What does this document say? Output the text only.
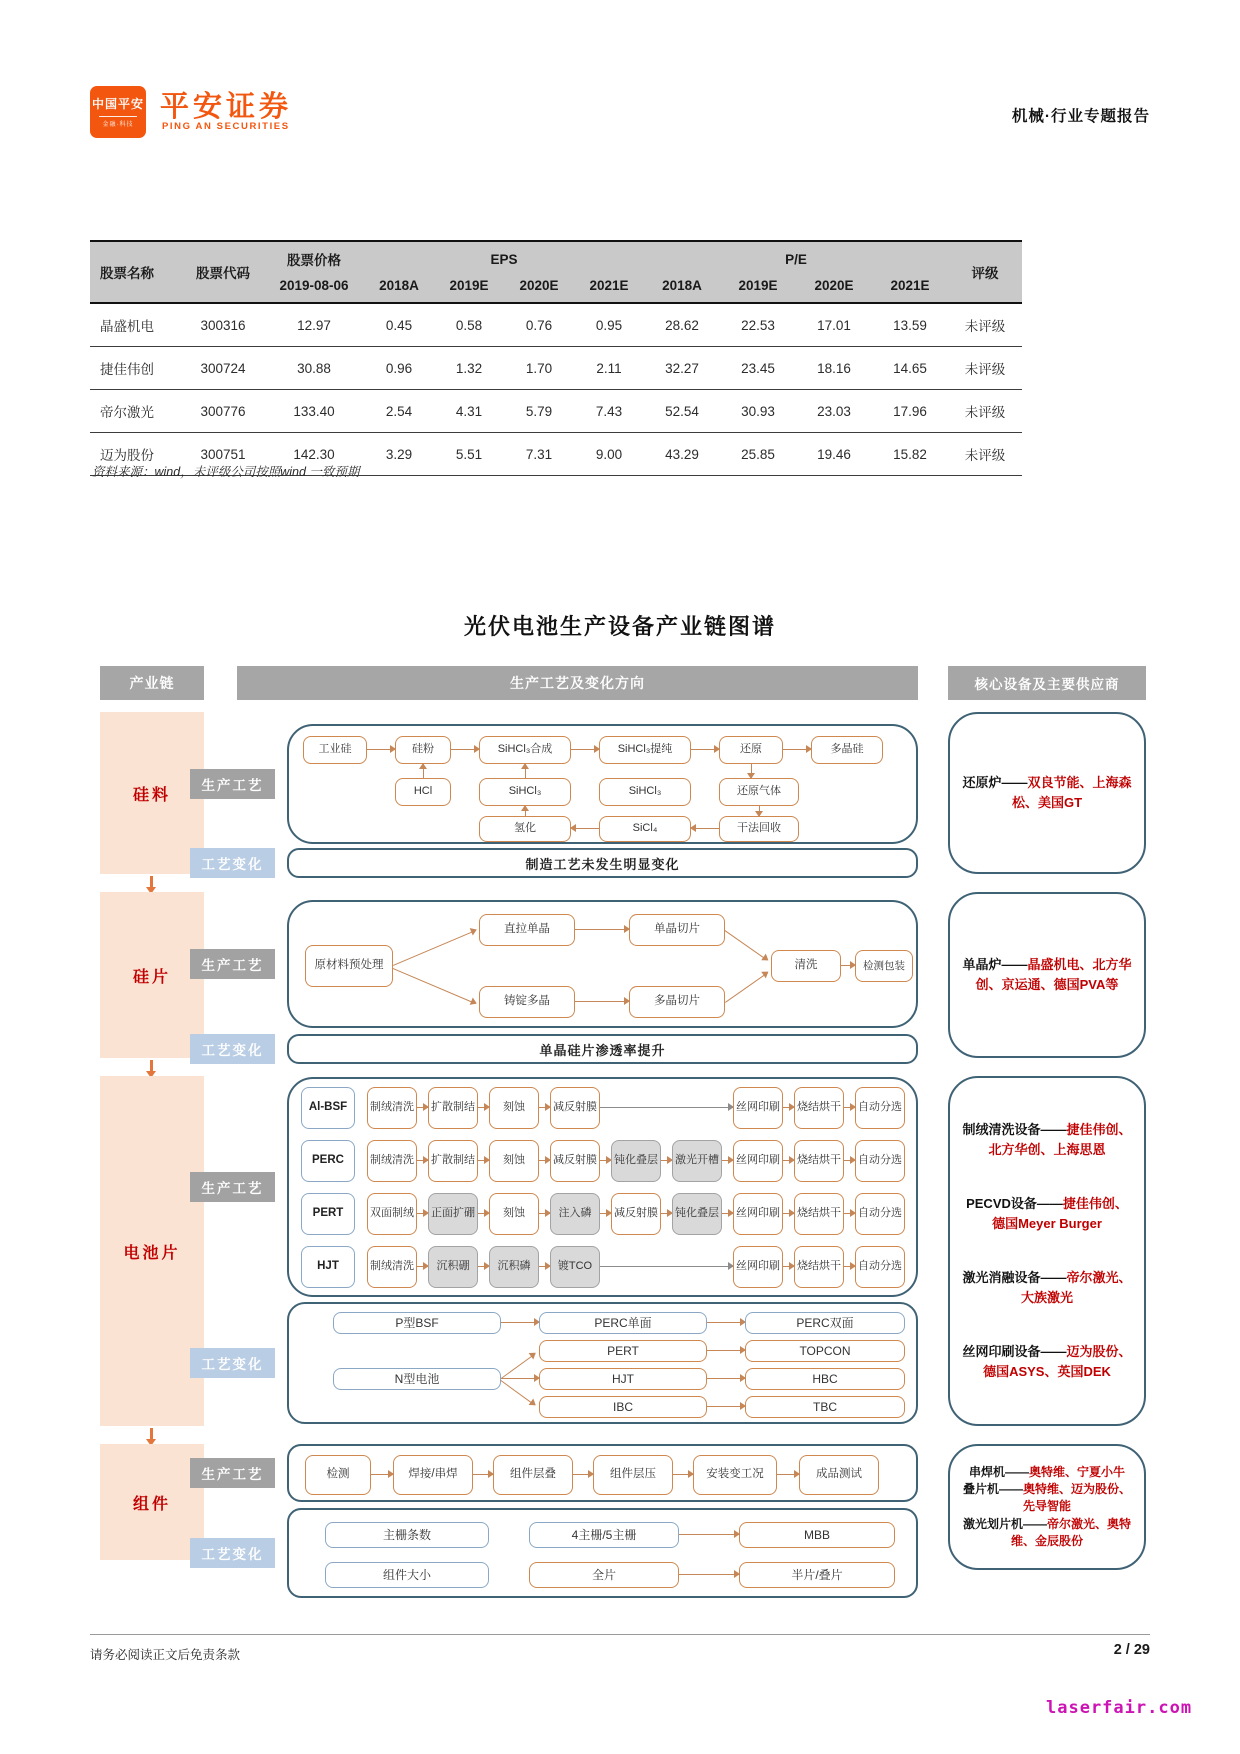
中国平安
金融·科技
平安证券
PING AN SECURITIES
机械·行业专题报告
股票名称	股票代码	股票价格	EPS				P/E				评级
		2019-08-06	2018A	2019E	2020E	2021E	2018A	2019E	2020E	2021E	
晶盛机电	300316	12.97	0.45	0.58	0.76	0.95	28.62	22.53	17.01	13.59	未评级
捷佳伟创	300724	30.88	0.96	1.32	1.70	2.11	32.27	23.45	18.16	14.65	未评级
帝尔激光	300776	133.40	2.54	4.31	5.79	7.43	52.54	30.93	23.03	17.96	未评级
迈为股份	300751	142.30	3.29	5.51	7.31	9.00	43.29	25.85	19.46	15.82	未评级
资料来源：wind，未评级公司按照wind 一致预期
光伏电池生产设备产业链图谱
产业链	生产工艺及变化方向	核心设备及主要供应商
硅料
硅片
电池片
组件
生产工艺
工业硅	硅粉	SiHCl₃合成	SiHCl₃提纯	还原	多晶硅
HCl	SiHCl₃	SiHCl₃	还原气体
氢化	SiCl₄	干法回收
工艺变化	制造工艺未发生明显变化

还原炉——双良节能、上海森松、美国GT

生产工艺	原材料预处理
直拉单晶	单晶切片
铸锭多晶	多晶切片
清洗	检测包装
工艺变化	单晶硅片渗透率提升

单晶炉——晶盛机电、北方华创、京运通、德国PVA等

生产工艺
Al-BSF	制绒清洗 扩散制结	刻蚀	减反射膜	丝网印刷 烧结烘干 自动分选
PERC	制绒清洗 扩散制结	刻蚀	减反射膜 钝化叠层 激光开槽 丝网印刷 烧结烘干 自动分选
PERT	双面制绒 正面扩硼	刻蚀	注入磷	减反射膜 钝化叠层 丝网印刷 烧结烘干 自动分选
HJT	制绒清洗	沉积硼	沉积磷	镀TCO	丝网印刷 烧结烘干 自动分选
工艺变化
P型BSF	PERC单面	PERC双面
PERT	TOPCON
N型电池	HJT	HBC
IBC	TBC

制绒清洗设备——捷佳伟创、北方华创、上海思恩

PECVD设备——捷佳伟创、德国Meyer Burger

激光消融设备——帝尔激光、大族激光

丝网印刷设备——迈为股份、德国ASYS、英国DEK

生产工艺	检测	焊接/串焊	组件层叠	组件层压	安装变工况	成品测试
工艺变化
主栅条数	4主栅/5主栅	MBB
组件大小	全片	半片/叠片

串焊机——奥特维、宁夏小牛

叠片机——奥特维、迈为股份、先导智能

激光划片机——帝尔激光、奥特维、金辰股份

请务必阅读正文后免责条款	2 / 29
laserfair.com
